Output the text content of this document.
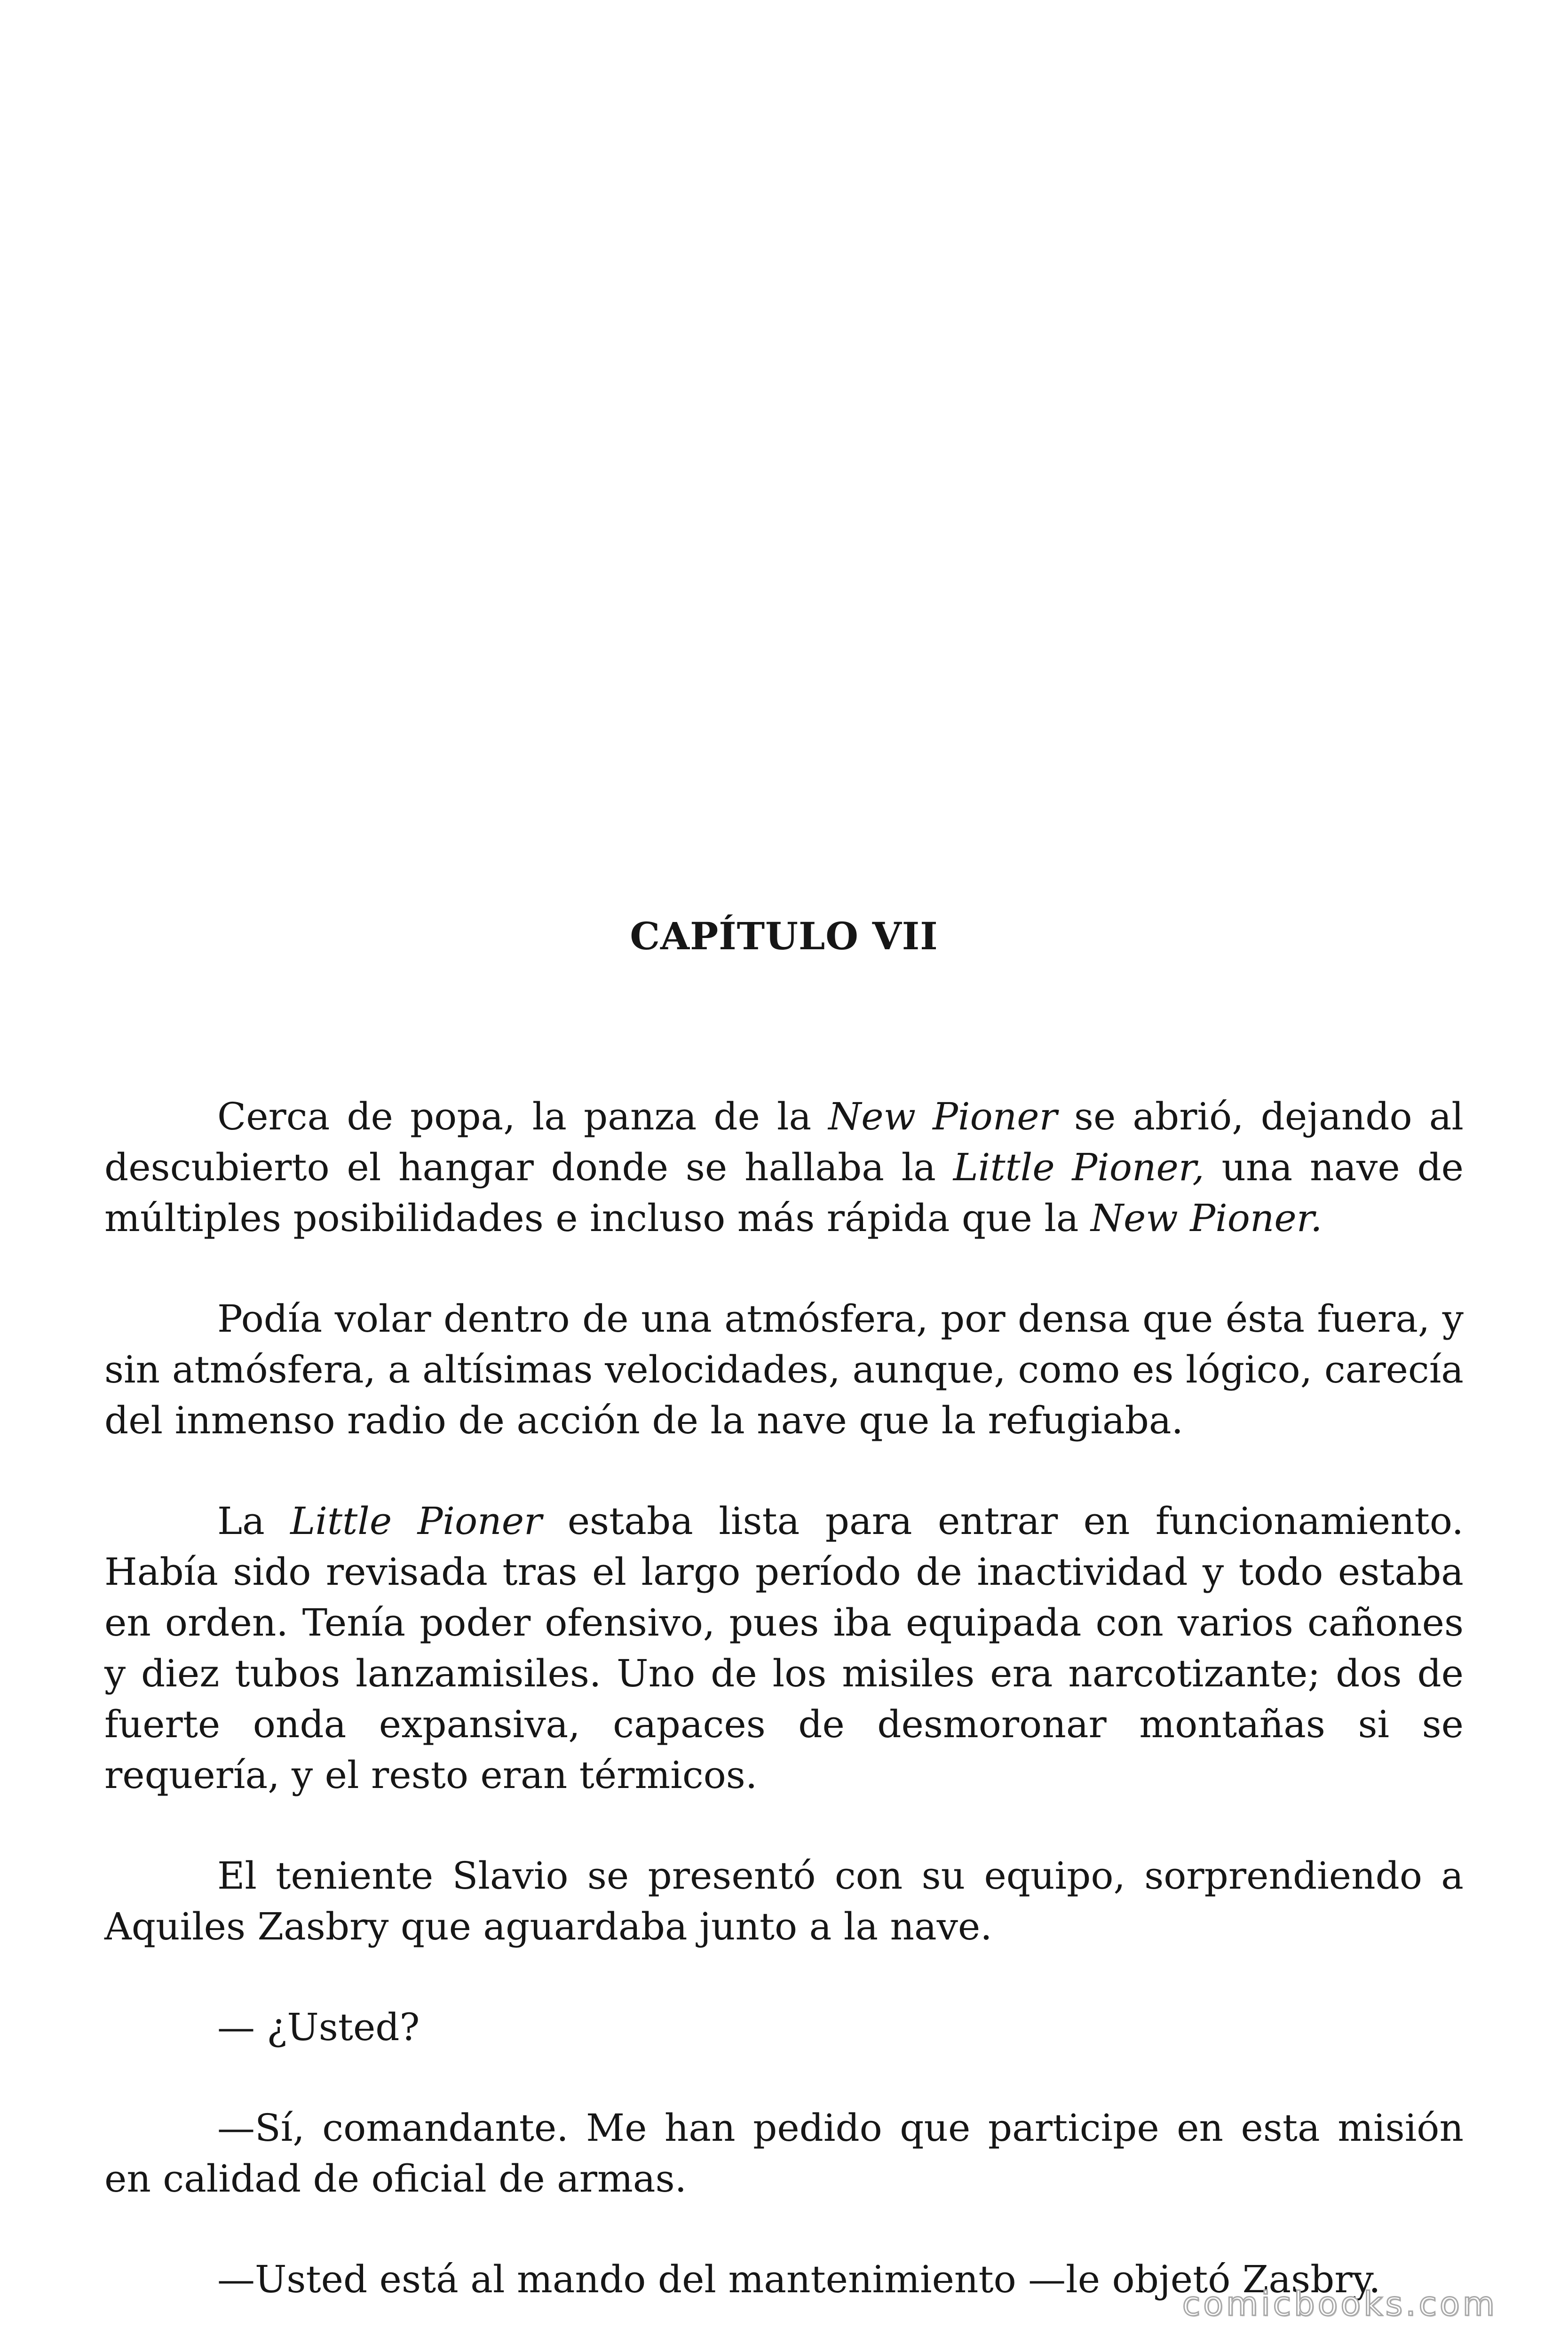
CAPÍTULO VII

Cerca de popa, la panza de la New Pioner se abrió, dejando al descubierto el hangar donde se hallaba la Little Pioner, una nave de múltiples posibilidades e incluso más rápida que la New Pioner.

Podía volar dentro de una atmósfera, por densa que ésta fuera, y sin atmósfera, a altísimas velocidades, aunque, como es lógico, carecía del inmenso radio de acción de la nave que la refugiaba.

La Little Pioner estaba lista para entrar en funcionamiento. Había sido revisada tras el largo período de inactividad y todo estaba en orden. Tenía poder ofensivo, pues iba equipada con varios cañones y diez tubos lanzamisiles. Uno de los misiles era narcotizante; dos de fuerte onda expansiva, capaces de desmoronar montañas si se requería, y el resto eran térmicos.

El teniente Slavio se presentó con su equipo, sorprendiendo a Aquiles Zasbry que aguardaba junto a la nave.

— ¿Usted?

—Sí, comandante. Me han pedido que participe en esta misión en calidad de oficial de armas.

—Usted está al mando del mantenimiento —le objetó Zasbry.

comicbooks.com
